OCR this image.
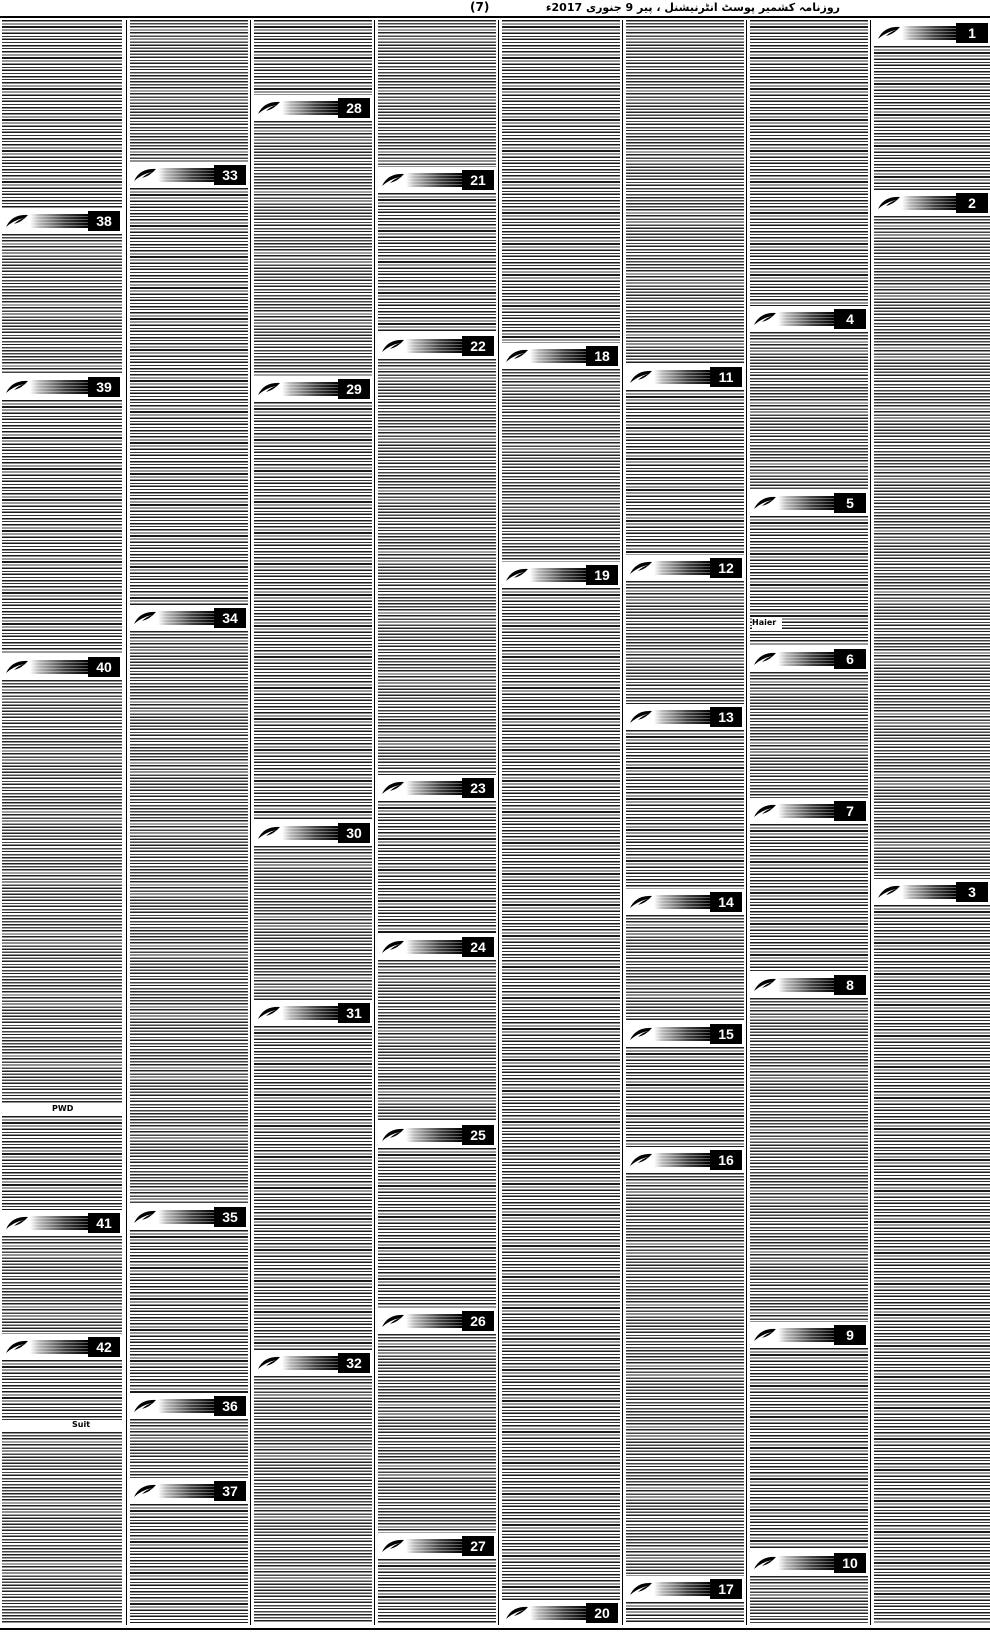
روزنامہ کشمیر پوسٹ انٹرنیشنل ، پیر 9 جنوری 2017ء
(7)
1
2
3
4
5
6
7
8
9
10
11
12
13
14
15
16
17
18
19
20
21
22
23
24
25
26
27
28
29
30
31
32
33
34
35
36
37
38
39
40
PWD
41
42
Suit
Haier
